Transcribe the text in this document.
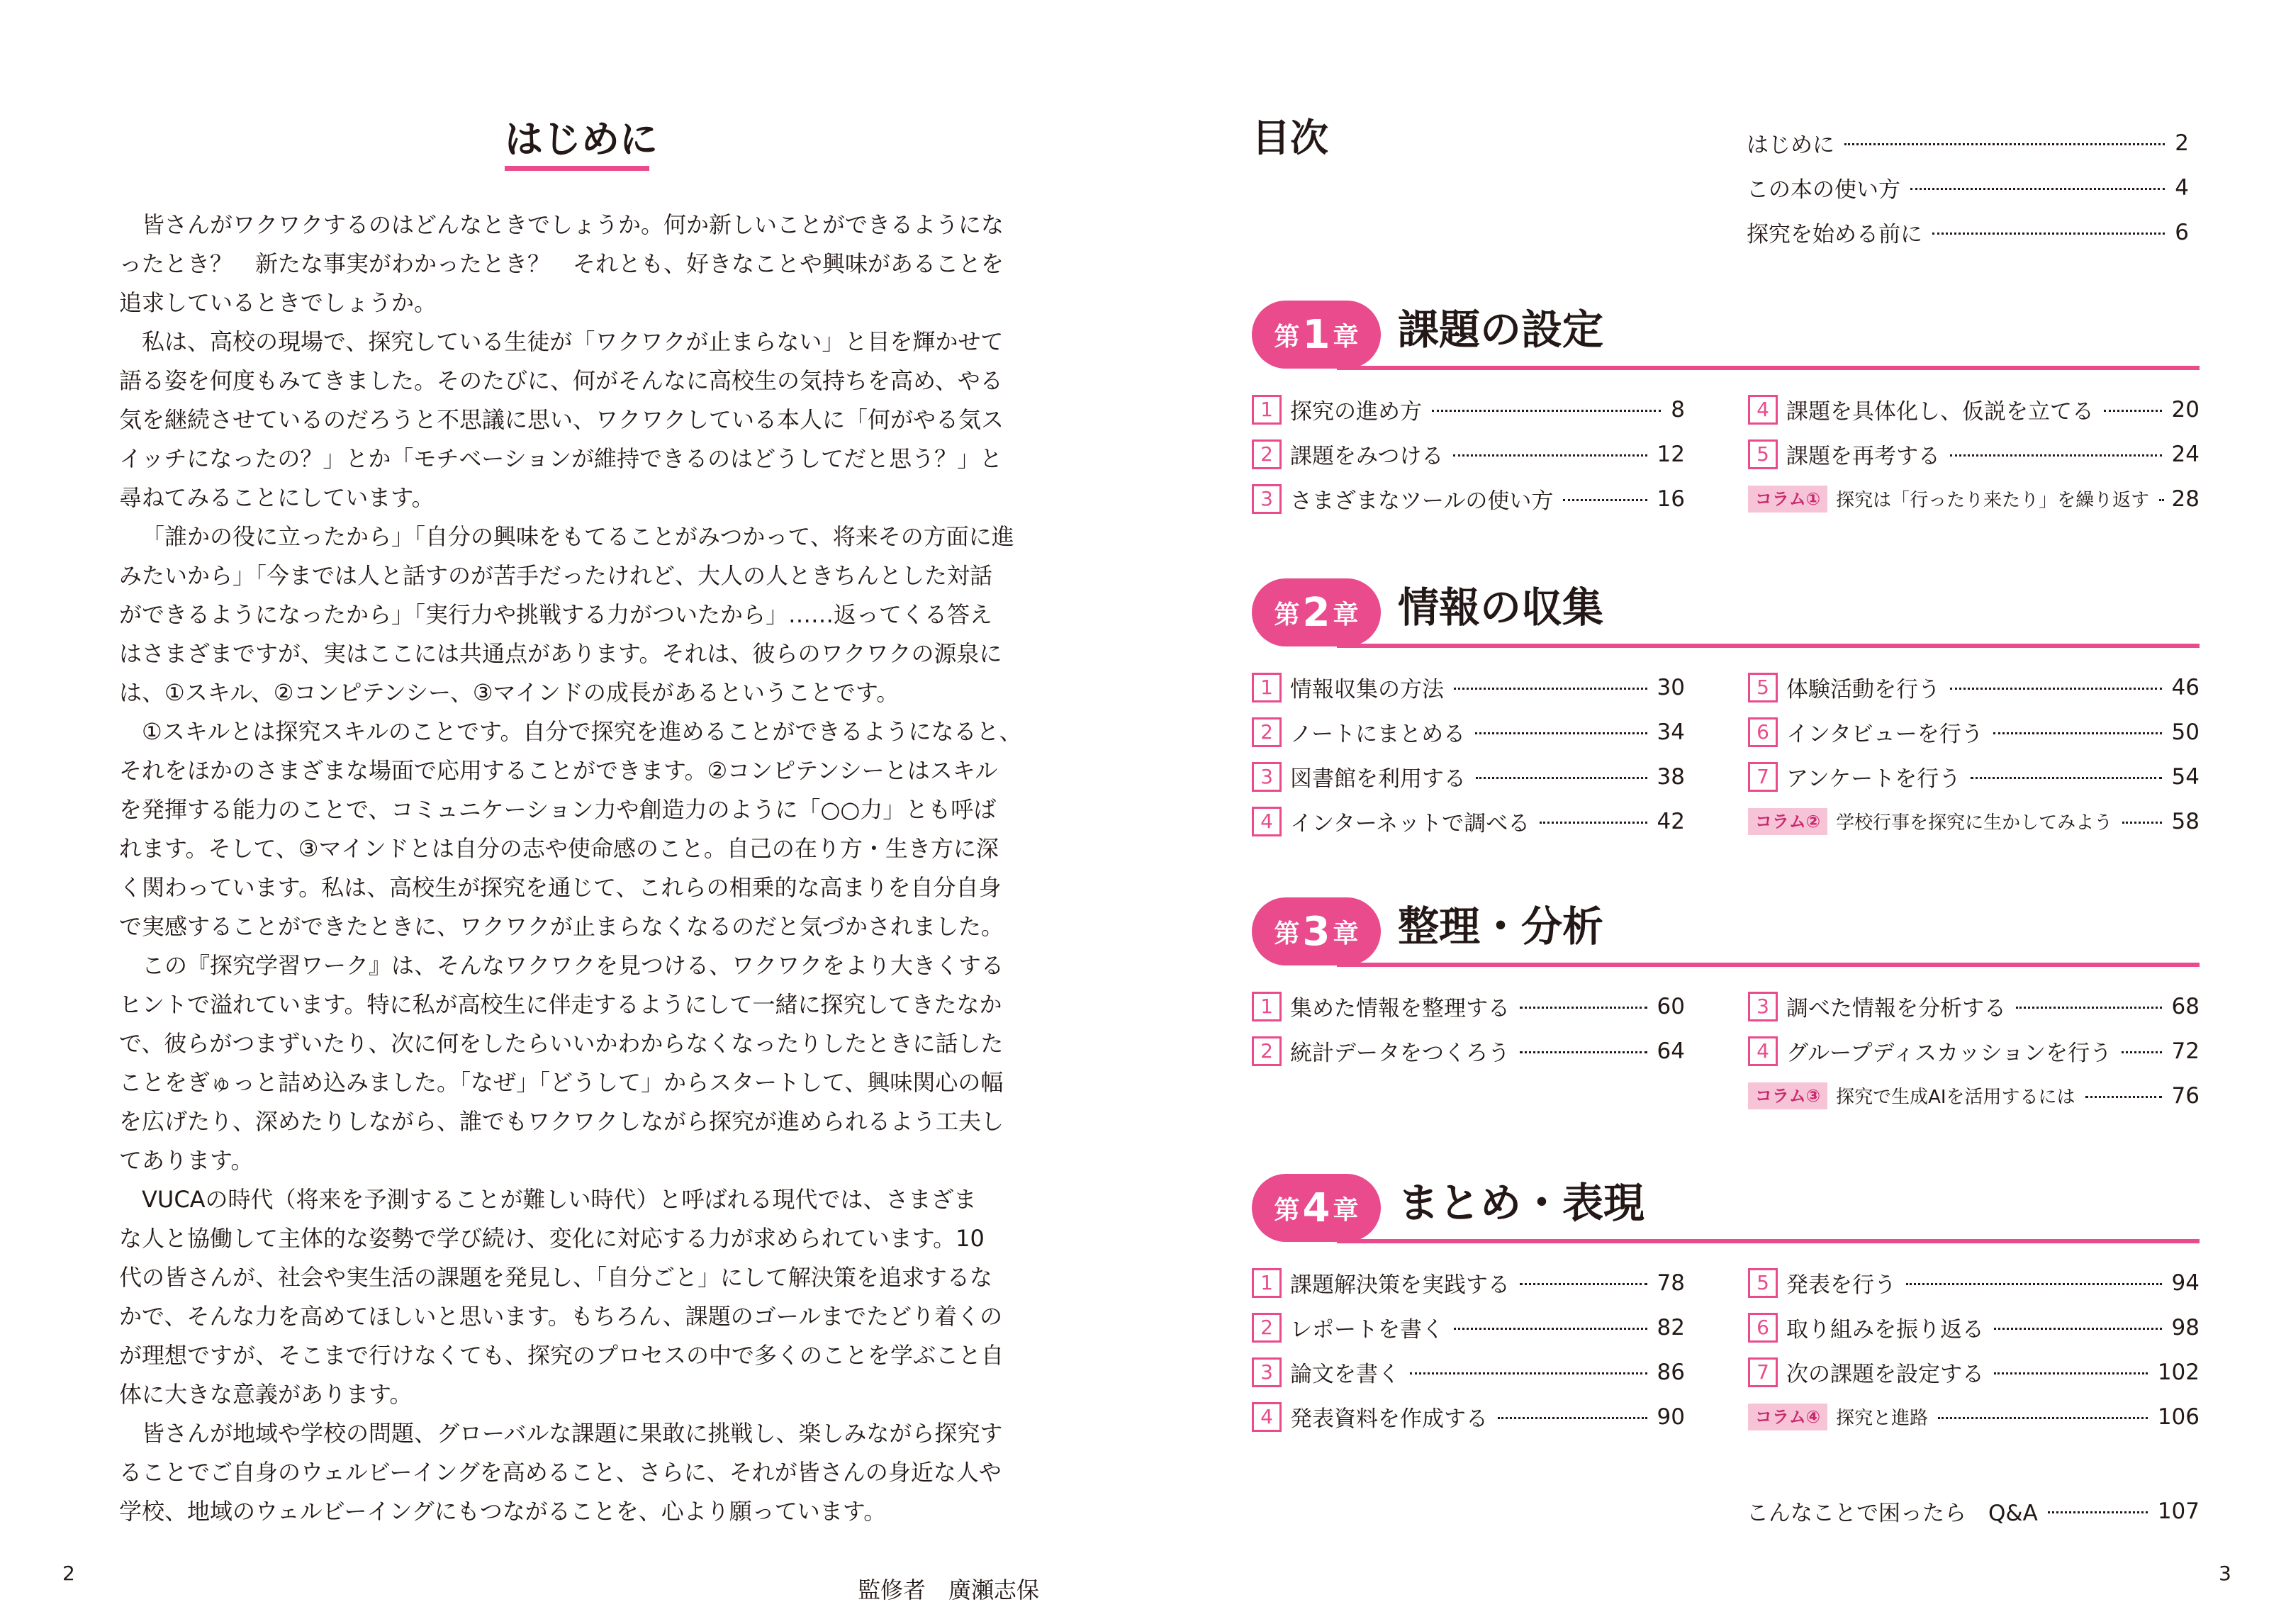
はじめに
皆さんがワクワクするのはどんなときでしょうか。何か新しいことができるようにな
ったとき？　新たな事実がわかったとき？　それとも、好きなことや興味があることを
追求しているときでしょうか。
私は、高校の現場で、探究している生徒が「ワクワクが止まらない」と目を輝かせて
語る姿を何度もみてきました。そのたびに、何がそんなに高校生の気持ちを高め、やる
気を継続させているのだろうと不思議に思い、ワクワクしている本人に「何がやる気ス
イッチになったの？」とか「モチベーションが維持できるのはどうしてだと思う？」と
尋ねてみることにしています。
「誰かの役に立ったから」「自分の興味をもてることがみつかって、将来その方面に進
みたいから」「今までは人と話すのが苦手だったけれど、大人の人ときちんとした対話
ができるようになったから」「実行力や挑戦する力がついたから」……返ってくる答え
はさまざまですが、実はここには共通点があります。それは、彼らのワクワクの源泉に
は、①スキル、②コンピテンシー、③マインドの成長があるということです。
①スキルとは探究スキルのことです。自分で探究を進めることができるようになると、
それをほかのさまざまな場面で応用することができます。②コンピテンシーとはスキル
を発揮する能力のことで、コミュニケーション力や創造力のように「○○力」とも呼ば
れます。そして、③マインドとは自分の志や使命感のこと。自己の在り方・生き方に深
く関わっています。私は、高校生が探究を通じて、これらの相乗的な高まりを自分自身
で実感することができたときに、ワクワクが止まらなくなるのだと気づかされました。
この『探究学習ワーク』は、そんなワクワクを見つける、ワクワクをより大きくする
ヒントで溢れています。特に私が高校生に伴走するようにして一緒に探究してきたなか
で、彼らがつまずいたり、次に何をしたらいいかわからなくなったりしたときに話した
ことをぎゅっと詰め込みました。「なぜ」「どうして」からスタートして、興味関心の幅
を広げたり、深めたりしながら、誰でもワクワクしながら探究が進められるよう工夫し
てあります。
VUCAの時代（将来を予測することが難しい時代）と呼ばれる現代では、さまざま
な人と協働して主体的な姿勢で学び続け、変化に対応する力が求められています。10
代の皆さんが、社会や実生活の課題を発見し、「自分ごと」にして解決策を追求するな
かで、そんな力を高めてほしいと思います。もちろん、課題のゴールまでたどり着くの
が理想ですが、そこまで行けなくても、探究のプロセスの中で多くのことを学ぶこと自
体に大きな意義があります。
皆さんが地域や学校の問題、グローバルな課題に果敢に挑戦し、楽しみながら探究す
ることでご自身のウェルビーイングを高めること、さらに、それが皆さんの身近な人や
学校、地域のウェルビーイングにもつながることを、心より願っています。
監修者　廣瀬志保
2
目次	はじめに	2
この本の使い方	4
探究を始める前に	6
第 1 章 課題の設定
1 探究の進め方	8
2 課題をみつける	12
3 さまざまなツールの使い方	16
4 課題を具体化し、仮説を立てる	20
5 課題を再考する	24
コラム① 探究は「行ったり来たり」を繰り返す 28
第 2 章 情報の収集
1 情報収集の方法	30
2 ノートにまとめる	34
3 図書館を利用する	38
4 インターネットで調べる	42
5 体験活動を行う	46
6 インタビューを行う	50
7 アンケートを行う	54
コラム② 学校行事を探究に生かしてみよう	58
第 3 章 整理・分析
1 集めた情報を整理する	60
2 統計データをつくろう	64
3 調べた情報を分析する	68
4 グループディスカッションを行う	72
コラム③ 探究で生成AIを活用するには	76
第 4 章 まとめ・表現
1 課題解決策を実践する	78
2 レポートを書く	82
3 論文を書く	86
4 発表資料を作成する	90
5 発表を行う	94
6 取り組みを振り返る	98
7 次の課題を設定する	102
コラム④ 探究と進路	106
こんなことで困ったら　Q&A	107
3
